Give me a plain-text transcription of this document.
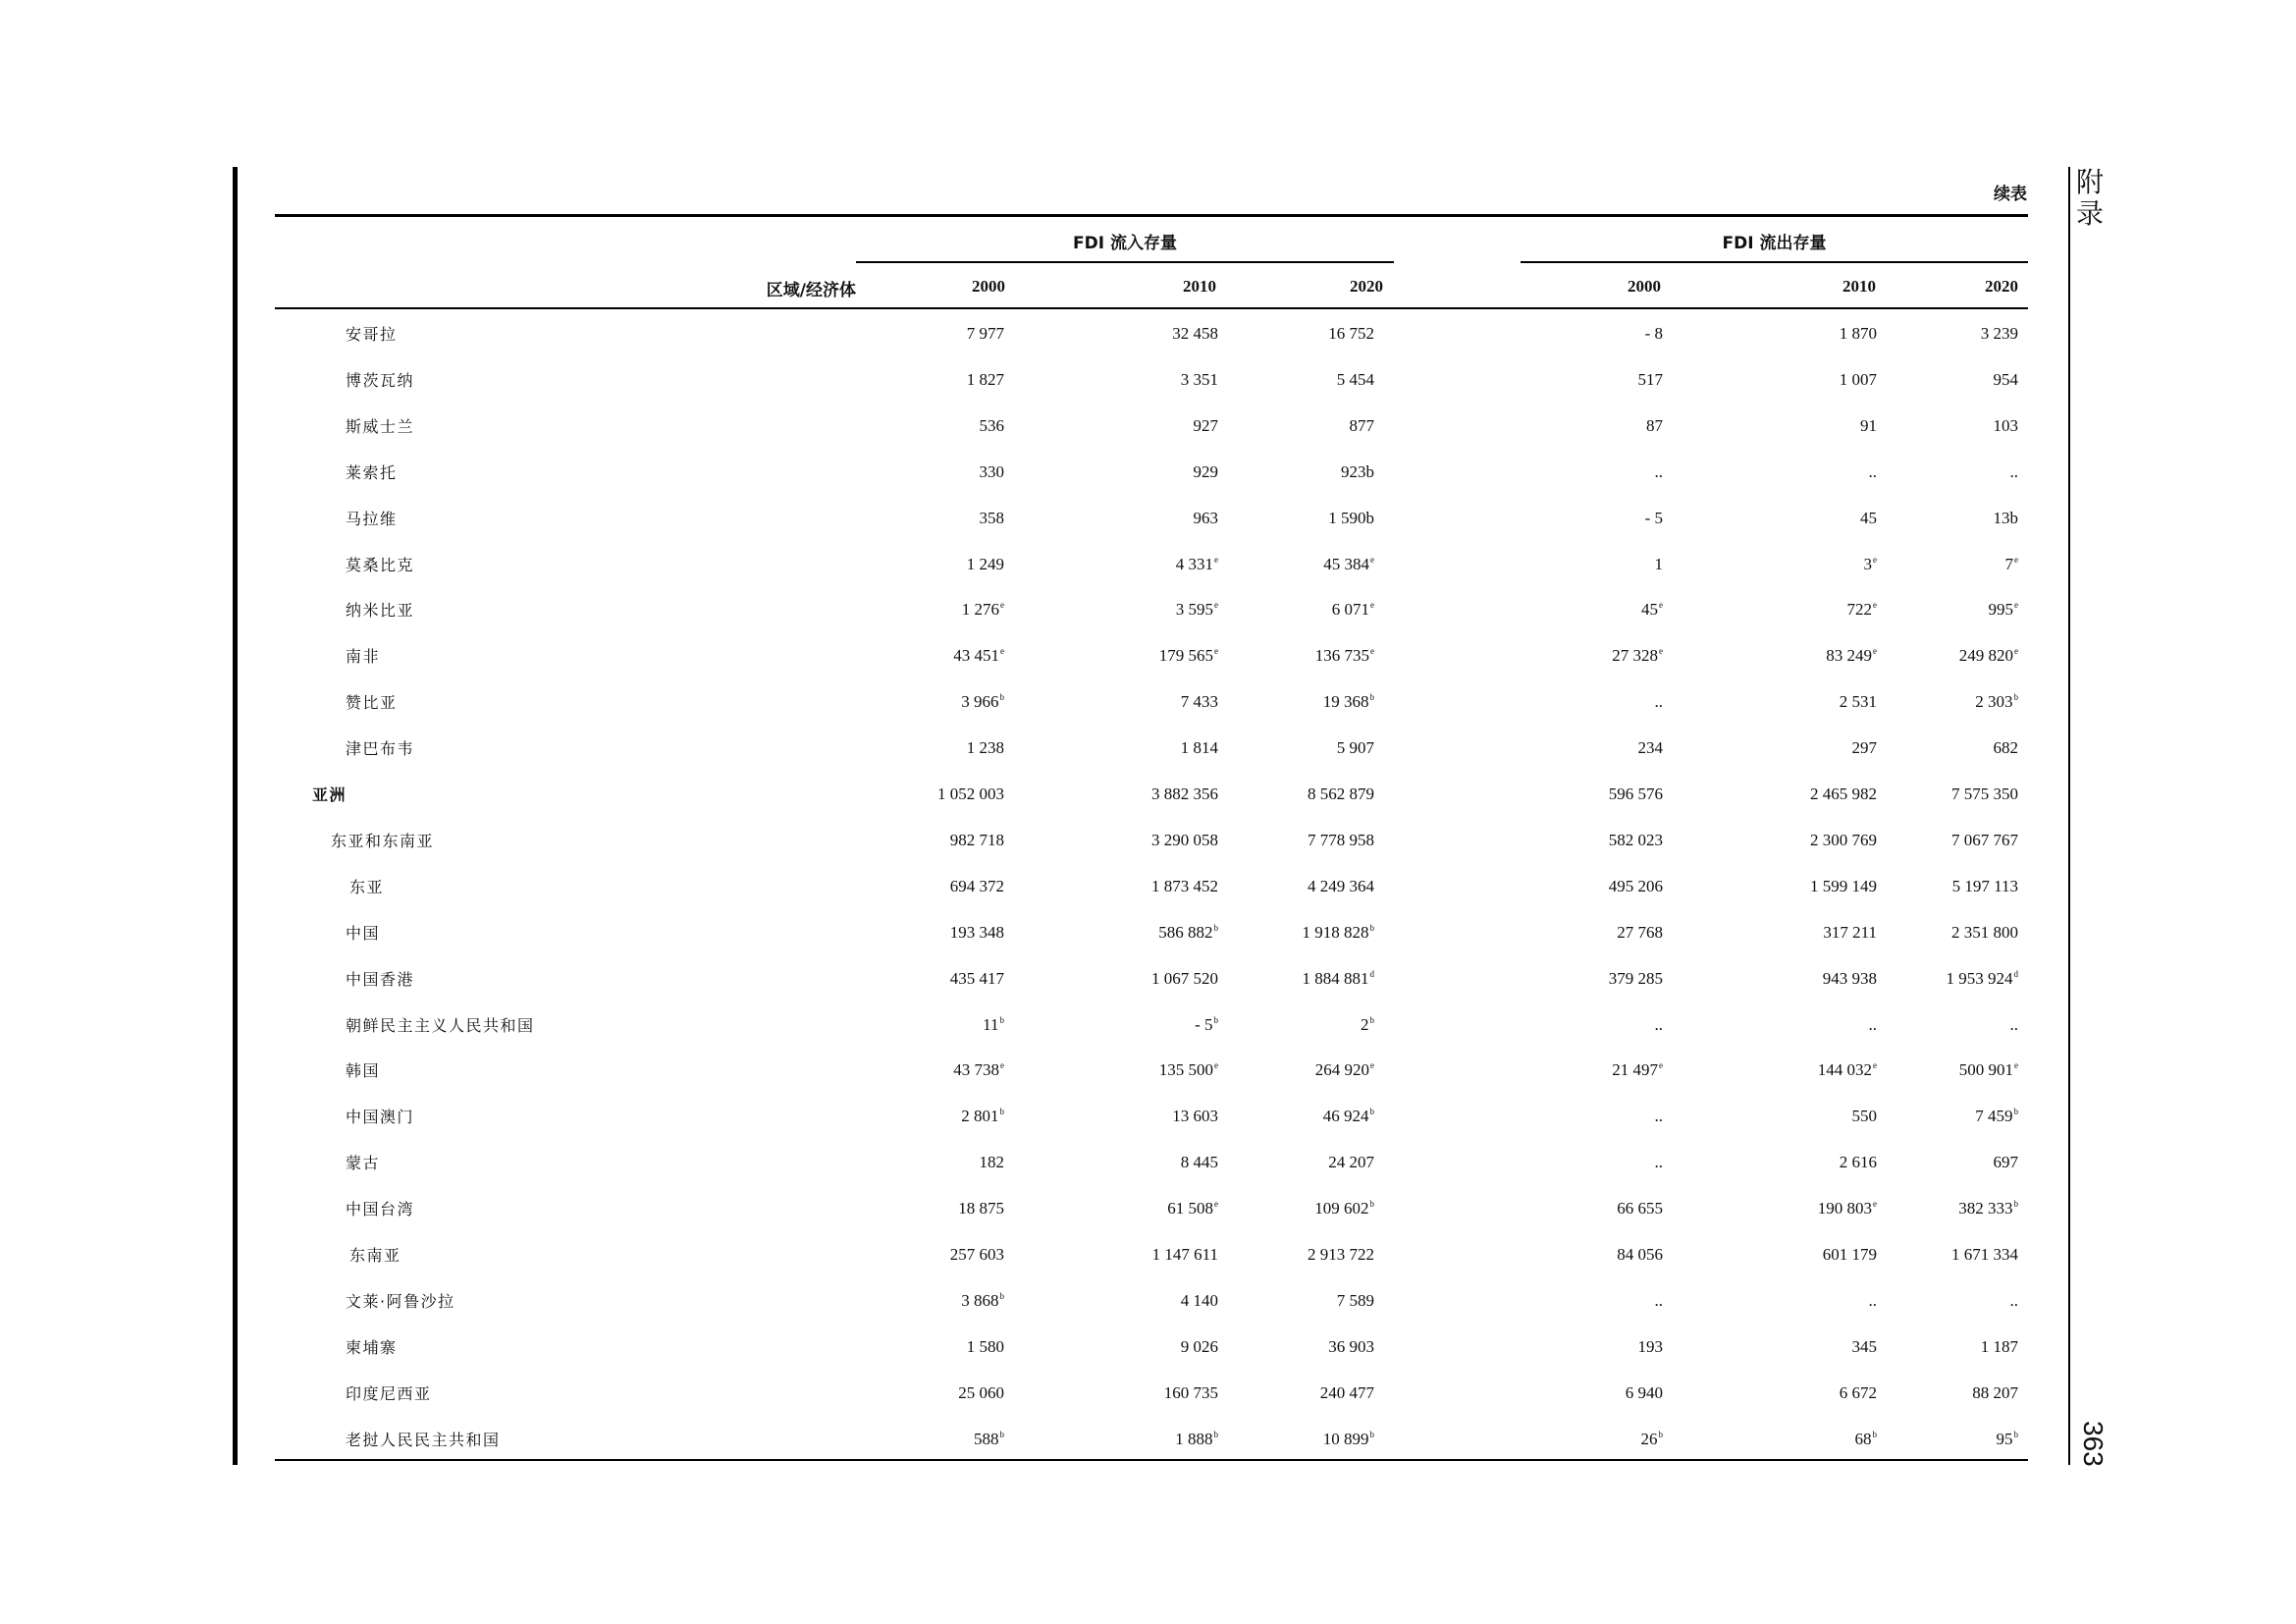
附
录
363
续表
FDI 流入存量	FDI 流出存量
区域/经济体	2000	2010	2020	2000	2010	2020
安哥拉	7 977	32 458	16 752	- 8	1 870	3 239
博茨瓦纳	1 827	3 351	5 454	517	1 007	954
斯威士兰	536	927	877	87	91	103
莱索托	330	929	923b	..	..	..
马拉维	358	963	1 590b	- 5	45	13b
莫桑比克	1 249	4 331e	45 384e	1	3e	7e
纳米比亚	1 276e	3 595e	6 071e	45e	722e	995e
南非	43 451e	179 565e	136 735e	27 328e	83 249e	249 820e
赞比亚	3 966$^b$	7 433	19 368$^b$	..	2 531	2 303$^b$
津巴布韦	1 238	1 814	5 907	234	297	682
亚洲	1 052 003	3 882 356	8 562 879	596 576	2 465 982	7 575 350
东亚和东南亚	982 718	3 290 058	7 778 958	582 023	2 300 769	7 067 767
东亚	694 372	1 873 452	4 249 364	495 206	1 599 149	5 197 113
中国	193 348	586 882$^b$	1 918 828$^b$	27 768	317 211	2 351 800
中国香港	435 417	1 067 520	1 884 881$^d$	379 285	943 938	1 953 924$^d$
朝鲜民主主义人民共和国	11$^b$	- 5$^b$	2$^b$	..	..	..
韩国	43 738e	135 500e	264 920e	21 497e	144 032e	500 901e
中国澳门	2 801$^b$	13 603	46 924$^b$	..	550	7 459$^b$
蒙古	182	8 445	24 207	..	2 616	697
中国台湾	18 875	61 508e	109 602$^b$	66 655	190 803e	382 333$^b$
东南亚	257 603	1 147 611	2 913 722	84 056	601 179	1 671 334
文莱·阿鲁沙拉	3 868$^b$	4 140	7 589	..	..	..
柬埔寨	1 580	9 026	36 903	193	345	1 187
印度尼西亚	25 060	160 735	240 477	6 940	6 672	88 207
老挝人民民主共和国	588$^b$	1 888$^b$	10 899$^b$	26$^b$	68$^b$	95$^b$
